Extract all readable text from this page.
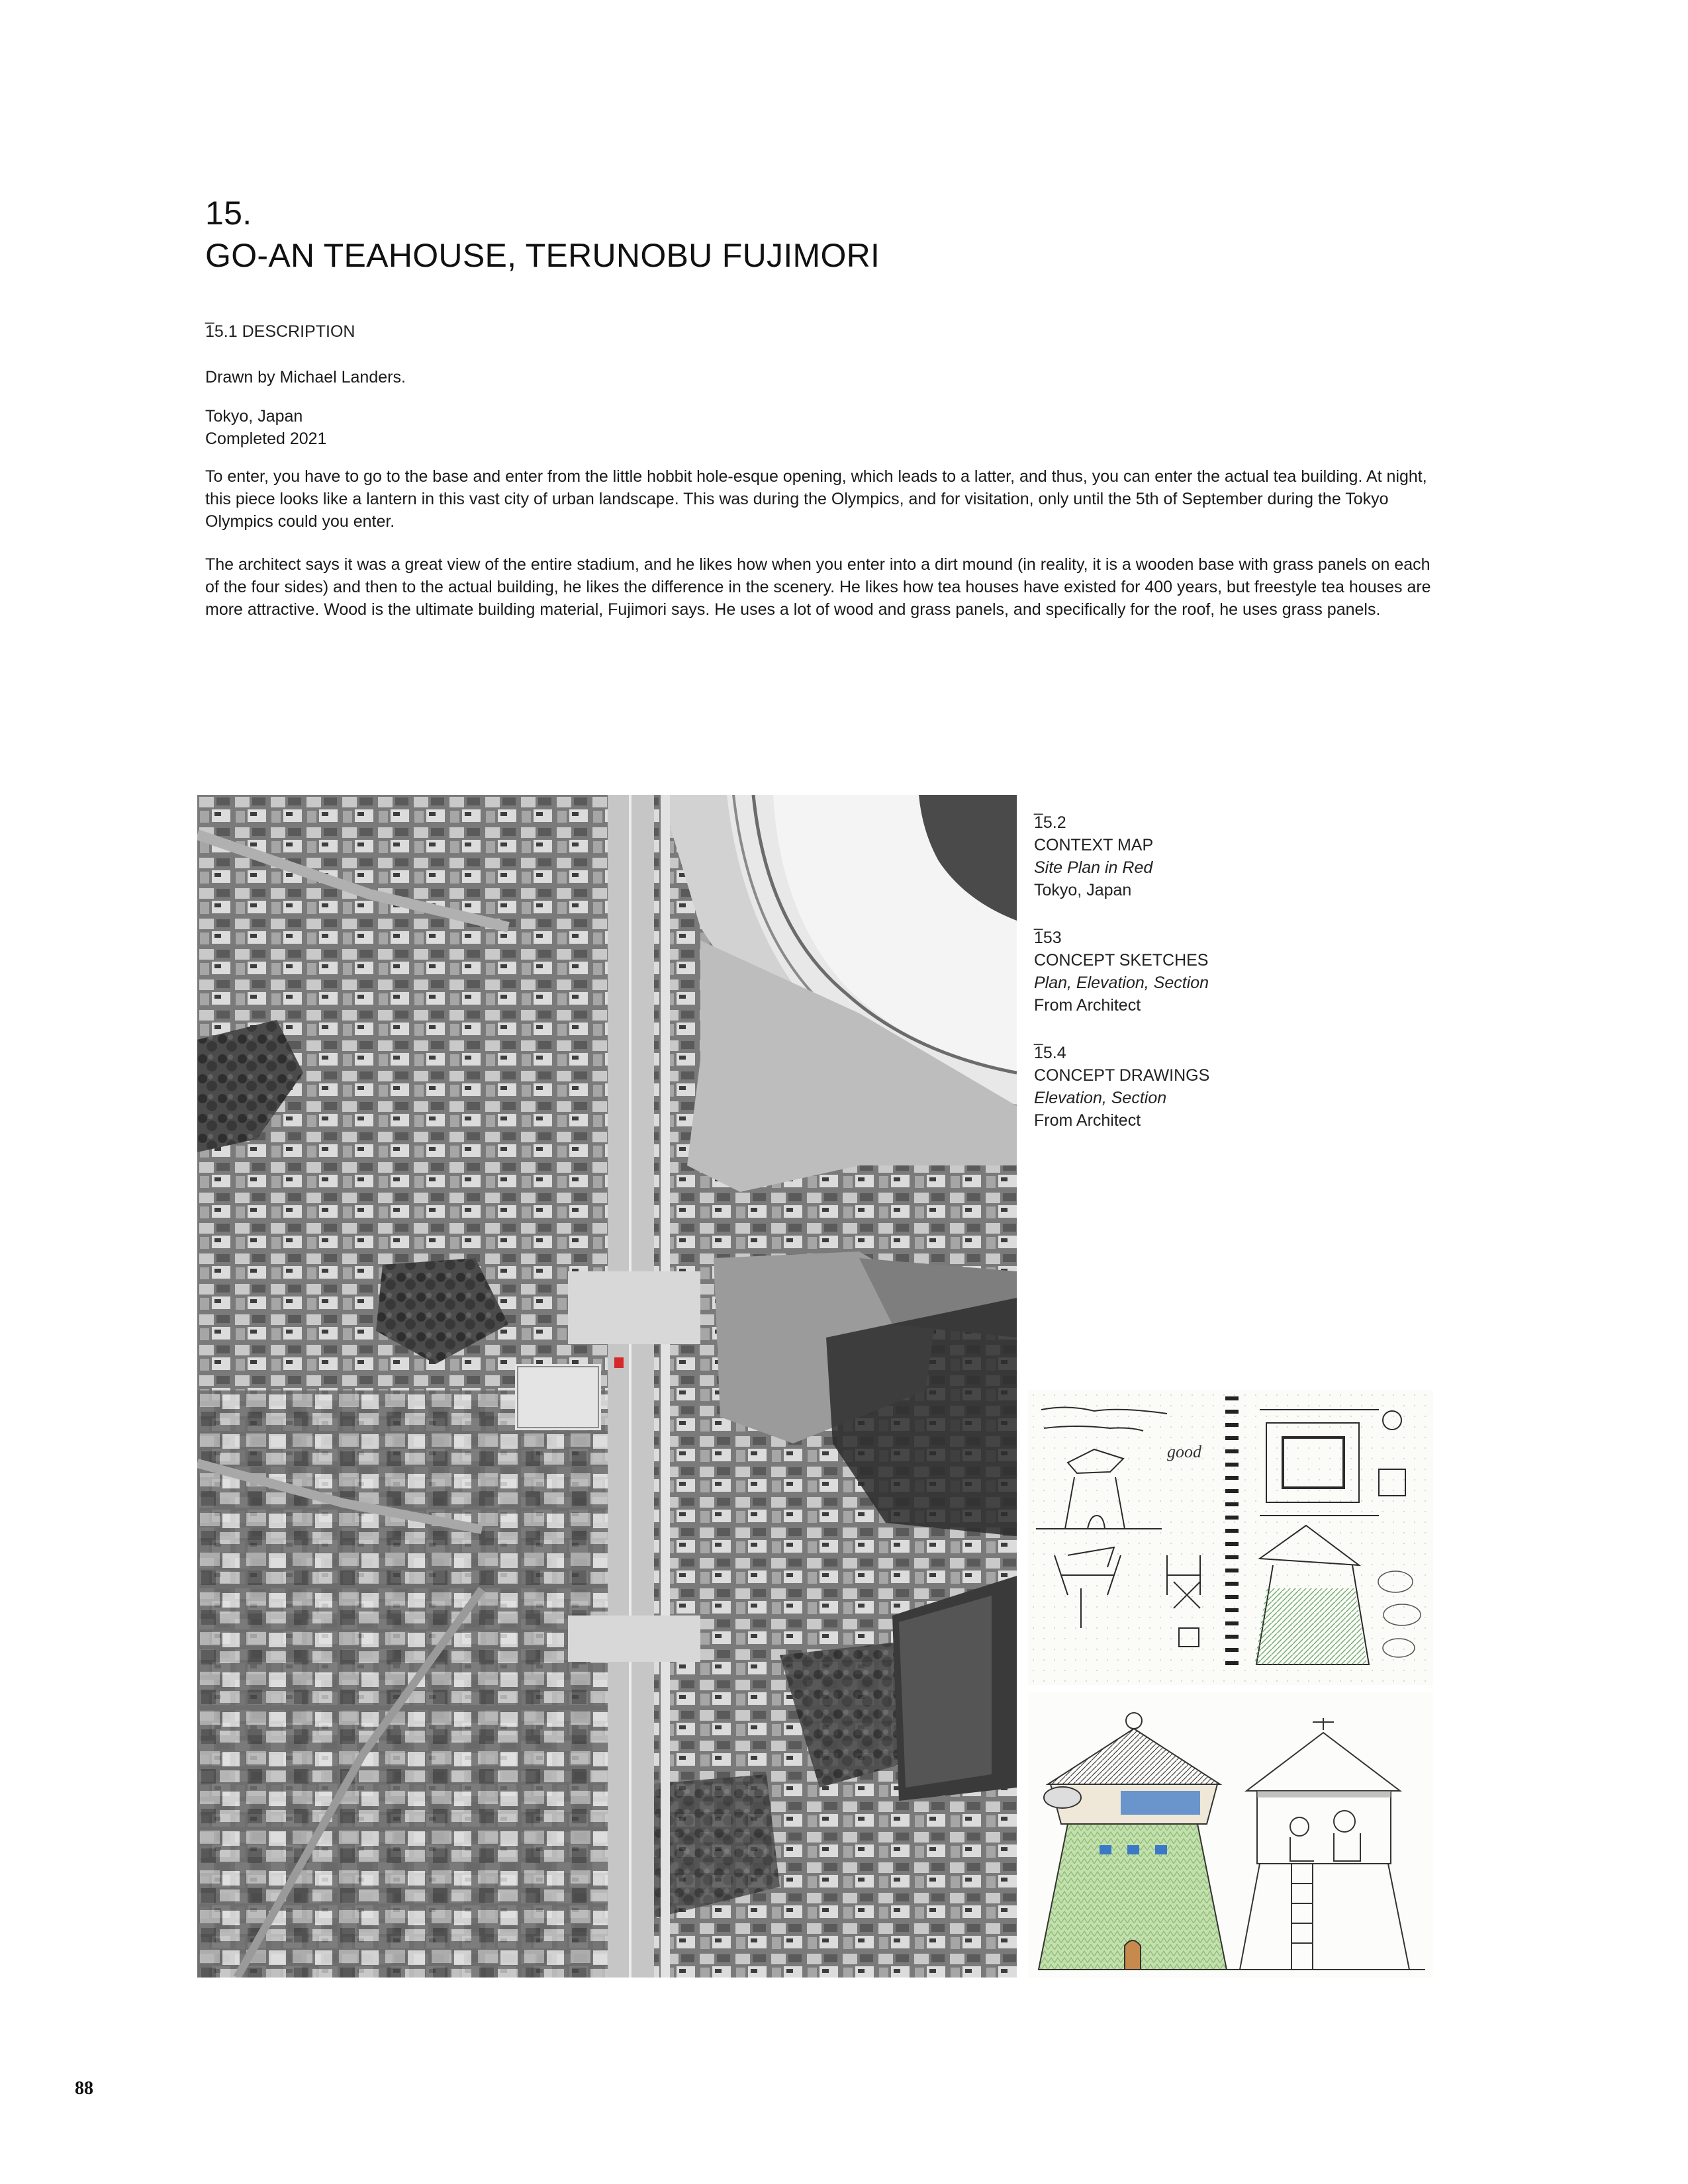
15.
GO-AN TEAHOUSE, TERUNOBU FUJIMORI
_
15.1 DESCRIPTION
Drawn by Michael Landers.
Tokyo, Japan
Completed 2021

To enter, you have to go to the base and enter from the little hobbit hole-esque opening, which leads to a latter, and thus, you can enter the actual tea building. At night, this piece looks like a lantern in this vast city of urban landscape. This was during the Olympics, and for visitation, only until the 5th of September during the Tokyo Olympics could you enter.

The architect says it was a great view of the entire stadium, and he likes how when you enter into a dirt mound (in reality, it is a wooden base with grass panels on each of the four sides) and then to the actual building, he likes the difference in the scenery. He likes how tea houses have existed for 400 years, but freestyle tea houses are more attractive. Wood is the ultimate building material, Fujimori says. He uses a lot of wood and grass panels, and specifically for the roof, he uses grass panels.

_
15.2
CONTEXT MAP
Site Plan in Red
Tokyo, Japan
_
153
CONCEPT SKETCHES
Plan, Elevation, Section
From Architect
_
15.4
CONCEPT DRAWINGS
Elevation, Section
From Architect
good
88
